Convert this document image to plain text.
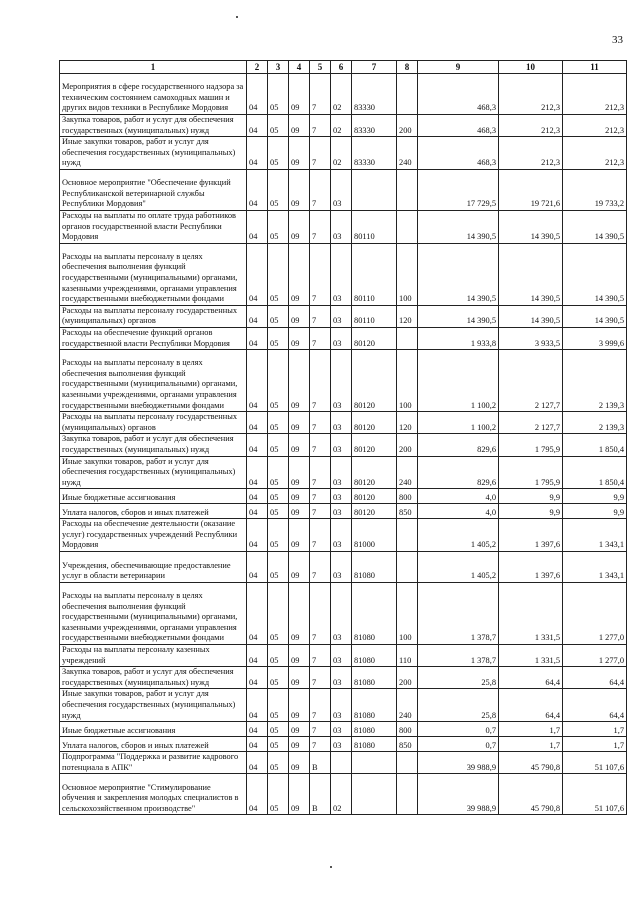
33
1	2	3	4	5	6	7	8	9	10	11
Мероприятия в сфере государственного надзора за техническим состоянием самоходных машин и других видов техники в Республике Мордовия	04	05	09	7	02	83330		468,3	212,3	212,3
Закупка товаров, работ и услуг для обеспечения государственных (муниципальных) нужд	04	05	09	7	02	83330	200	468,3	212,3	212,3
Иные закупки товаров, работ и услуг для обеспечения государственных (муниципальных) нужд	04	05	09	7	02	83330	240	468,3	212,3	212,3
Основное мероприятие "Обеспечение функций Республиканской ветеринарной службы Республики Мордовия"	04	05	09	7	03			17 729,5	19 721,6	19 733,2
Расходы на выплаты по оплате труда работников органов государственной власти Республики Мордовия	04	05	09	7	03	80110		14 390,5	14 390,5	14 390,5
Расходы на выплаты персоналу в целях обеспечения выполнения функций государственными (муниципальными) органами, казенными учреждениями, органами управления государственными внебюджетными фондами	04	05	09	7	03	80110	100	14 390,5	14 390,5	14 390,5
Расходы на выплаты персоналу государственных (муниципальных) органов	04	05	09	7	03	80110	120	14 390,5	14 390,5	14 390,5
Расходы на обеспечение функций органов государственной власти Республики Мордовия	04	05	09	7	03	80120		1 933,8	3 933,5	3 999,6
Расходы на выплаты персоналу в целях обеспечения выполнения функций государственными (муниципальными) органами, казенными учреждениями, органами управления государственными внебюджетными фондами	04	05	09	7	03	80120	100	1 100,2	2 127,7	2 139,3
Расходы на выплаты персоналу государственных (муниципальных) органов	04	05	09	7	03	80120	120	1 100,2	2 127,7	2 139,3
Закупка товаров, работ и услуг для обеспечения государственных (муниципальных) нужд	04	05	09	7	03	80120	200	829,6	1 795,9	1 850,4
Иные закупки товаров, работ и услуг для обеспечения государственных (муниципальных) нужд	04	05	09	7	03	80120	240	829,6	1 795,9	1 850,4
Иные бюджетные ассигнования	04	05	09	7	03	80120	800	4,0	9,9	9,9
Уплата налогов, сборов и иных платежей	04	05	09	7	03	80120	850	4,0	9,9	9,9
Расходы на обеспечение деятельности (оказание услуг) государственных учреждений Республики Мордовия	04	05	09	7	03	81000		1 405,2	1 397,6	1 343,1
Учреждения, обеспечивающие предоставление услуг в области ветеринарии	04	05	09	7	03	81080		1 405,2	1 397,6	1 343,1
Расходы на выплаты персоналу в целях обеспечения выполнения функций государственными (муниципальными) органами, казенными учреждениями, органами управления государственными внебюджетными фондами	04	05	09	7	03	81080	100	1 378,7	1 331,5	1 277,0
Расходы на выплаты персоналу казенных учреждений	04	05	09	7	03	81080	110	1 378,7	1 331,5	1 277,0
Закупка товаров, работ и услуг для обеспечения государственных (муниципальных) нужд	04	05	09	7	03	81080	200	25,8	64,4	64,4
Иные закупки товаров, работ и услуг для обеспечения государственных (муниципальных) нужд	04	05	09	7	03	81080	240	25,8	64,4	64,4
Иные бюджетные ассигнования	04	05	09	7	03	81080	800	0,7	1,7	1,7
Уплата налогов, сборов и иных платежей	04	05	09	7	03	81080	850	0,7	1,7	1,7
Подпрограмма "Поддержка и развитие кадрового потенциала в АПК"	04	05	09	В				39 988,9	45 790,8	51 107,6
Основное мероприятие "Стимулирование обучения и закрепления молодых специалистов в сельскохозяйственном производстве"	04	05	09	В	02			39 988,9	45 790,8	51 107,6
